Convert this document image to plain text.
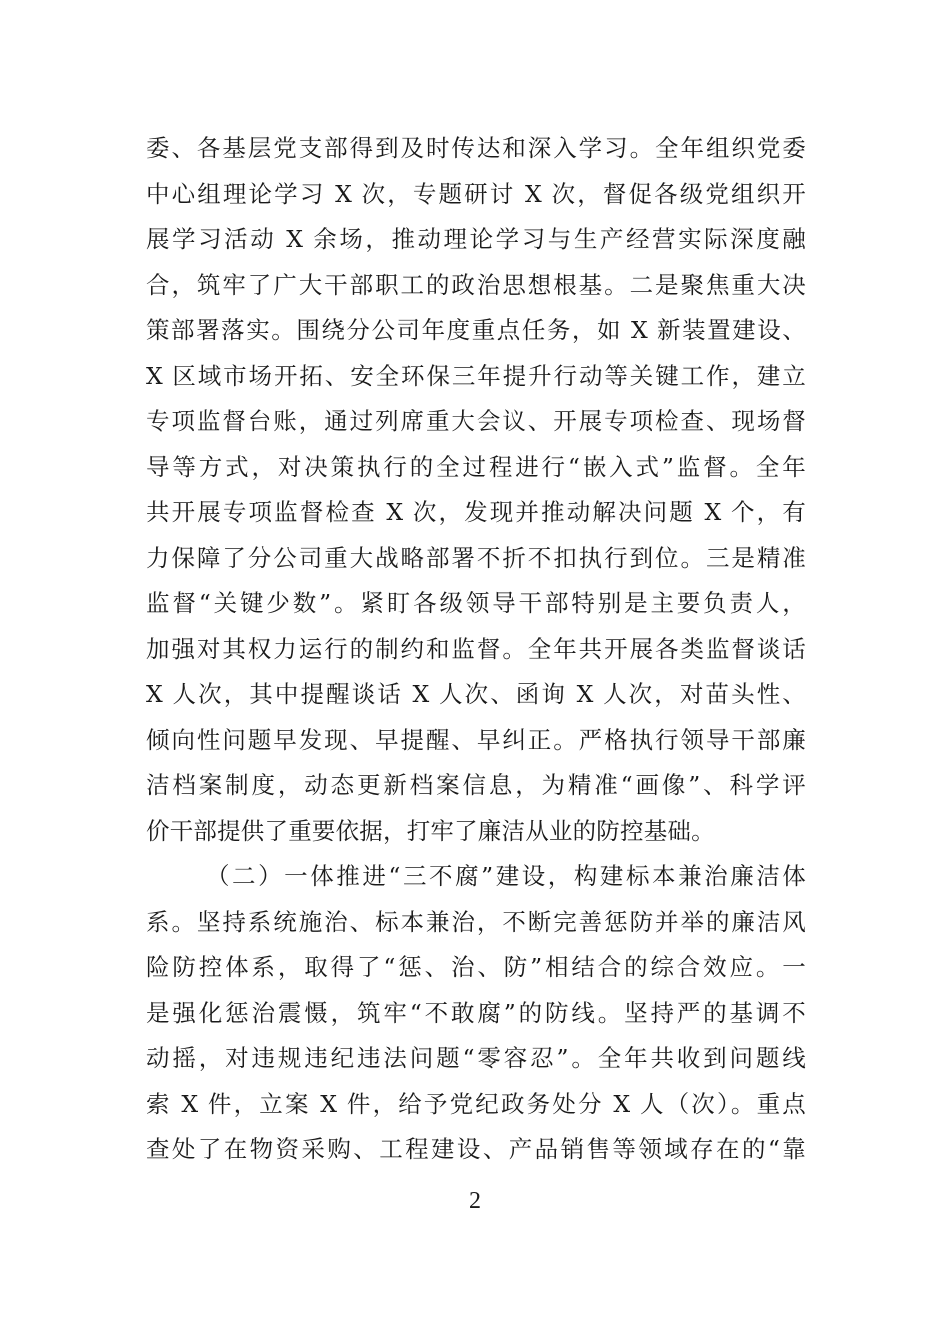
委、各基层党支部得到及时传达和深入学习。全年组织党委
中心组理论学习 X 次，专题研讨 X 次，督促各级党组织开
展学习活动 X 余场，推动理论学习与生产经营实际深度融
合，筑牢了广大干部职工的政治思想根基。二是聚焦重大决
策部署落实。围绕分公司年度重点任务，如 X 新装置建设、
X 区域市场开拓、安全环保三年提升行动等关键工作，建立
专项监督台账，通过列席重大会议、开展专项检查、现场督
导等方式，对决策执行的全过程进行“嵌入式”监督。全年
共开展专项监督检查 X 次，发现并推动解决问题 X 个，有
力保障了分公司重大战略部署不折不扣执行到位。三是精准
监督“关键少数”。紧盯各级领导干部特别是主要负责人，
加强对其权力运行的制约和监督。全年共开展各类监督谈话
X 人次，其中提醒谈话 X 人次、函询 X 人次，对苗头性、
倾向性问题早发现、早提醒、早纠正。严格执行领导干部廉
洁档案制度，动态更新档案信息，为精准“画像”、科学评
价干部提供了重要依据，打牢了廉洁从业的防控基础。
（二）一体推进“三不腐”建设，构建标本兼治廉洁体
系。坚持系统施治、标本兼治，不断完善惩防并举的廉洁风
险防控体系，取得了“惩、治、防”相结合的综合效应。一
是强化惩治震慑，筑牢“不敢腐”的防线。坚持严的基调不
动摇，对违规违纪违法问题“零容忍”。全年共收到问题线
索 X 件，立案 X 件，给予党纪政务处分 X 人（次）。重点
查处了在物资采购、工程建设、产品销售等领域存在的“靠
2
